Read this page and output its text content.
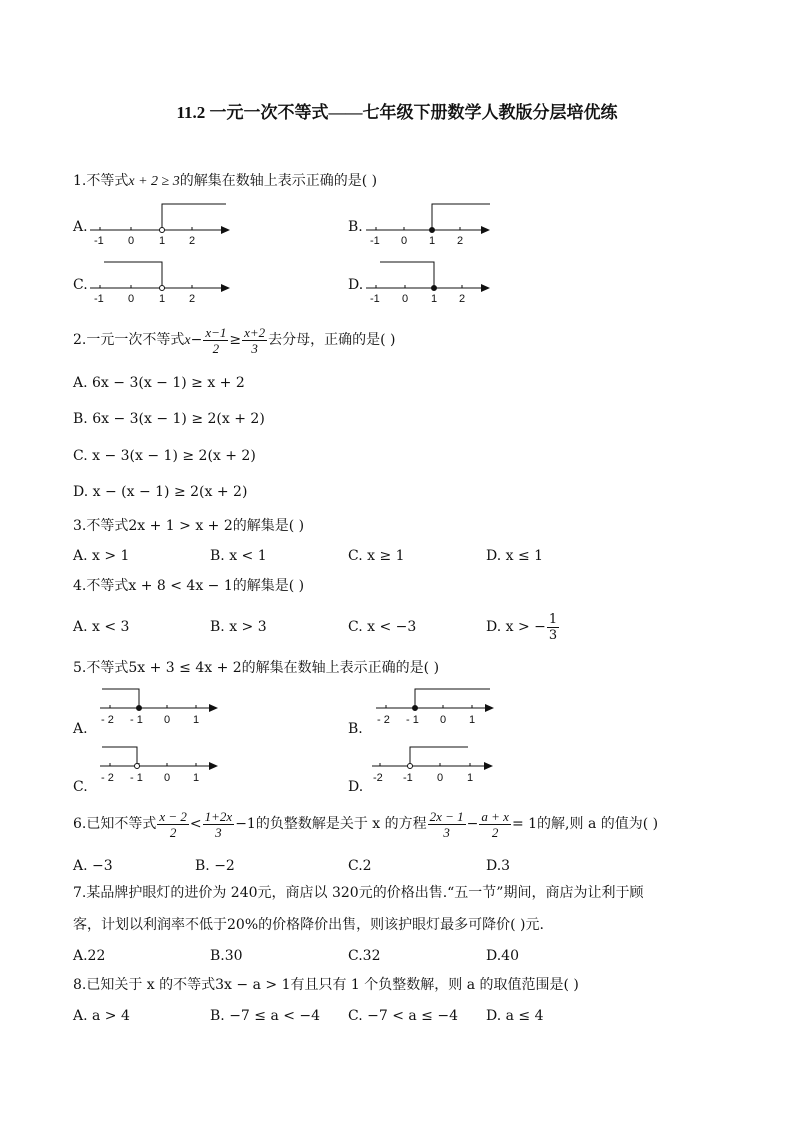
11.2 一元一次不等式——七年级下册数学人教版分层培优练
1.不等式x + 2 ≥ 3的解集在数轴上表示正确的是( )
A.
-1 0 1 2
B.
-1 0 1 2
C.
-1 0 1 2
D.
-1 0 1 2
2.一元一次不等式$x- \frac{x-1}{2} \ge \frac{x+2}{3}$ 去分母，正确的是( )
A. 6x − 3(x − 1) ≥ x + 2
B. 6x − 3(x − 1) ≥ 2(x + 2)
C. x − 3(x − 1) ≥ 2(x + 2)
D. x − (x − 1) ≥ 2(x + 2)
3.不等式2x + 1 > x + 2的解集是( )
A. x > 1	B. x < 1	C. x ≥ 1	D. x ≤ 1
4.不等式x + 8 < 4x − 1的解集是( )
A. x < 3	B. x > 3	C. x < −3	D. x > − $\frac{1}{3}$
5.不等式5x + 3 ≤ 4x + 2的解集在数轴上表示正确的是( )
A.
- 2 - 1 0 1
B.
- 2 - 1 0 1
C.
- 2 - 1 0 1
D.
-2 -1 0 1
6.已知不等式 $\frac{x - 2}{2} < \frac{1+2x}{3} -1$的负整数解是关于 x 的方程 $\frac{2x - 1}{3} - \frac{a + x}{2} = 1$的解,则 a 的值为( )
A. −3	B. −2	C.2	D.3
7.某品牌护眼灯的进价为 240元，商店以 320元的价格出售.“五一节”期间，商店为让利于顾
客，计划以利润率不低于20%的价格降价出售，则该护眼灯最多可降价( )元.
A.22	B.30	C.32	D.40
8.已知关于 x 的不等式3x − a > 1有且只有 1 个负整数解，则 a 的取值范围是( )
A. a > 4	B. −7 ≤ a < −4 C. −7 < a ≤ −4 D. a ≤ 4
